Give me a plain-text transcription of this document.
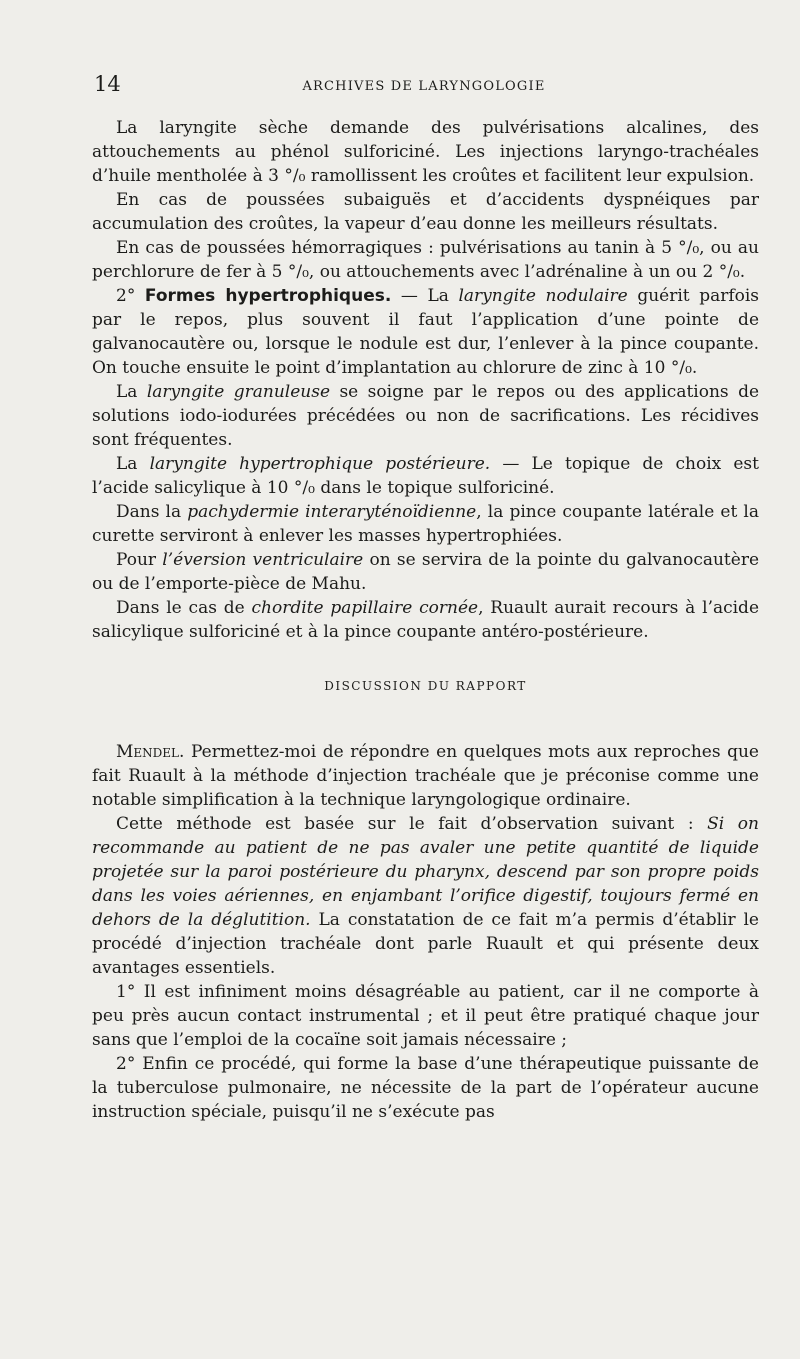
14	ARCHIVES DE LARYNGOLOGIE

La laryngite sèche demande des pulvérisations alcalines, des attouchements au phénol sulforiciné. Les injections laryngo-trachéales d’huile mentholée à 3 °/₀ ramollissent les croûtes et facilitent leur expulsion.

En cas de poussées subaiguës et d’accidents dyspnéiques par accumulation des croûtes, la vapeur d’eau donne les meilleurs résultats.

En cas de poussées hémorragiques : pulvérisations au tanin à 5 °/₀, ou au perchlorure de fer à 5 °/₀, ou attouchements avec l’adrénaline à un ou 2 °/₀.

2° Formes hypertrophiques. — La laryngite nodulaire guérit parfois par le repos, plus souvent il faut l’application d’une pointe de galvanocautère ou, lorsque le nodule est dur, l’enlever à la pince coupante. On touche ensuite le point d’implantation au chlorure de zinc à 10 °/₀.

La laryngite granuleuse se soigne par le repos ou des applications de solutions iodo-iodurées précédées ou non de sacrifications. Les récidives sont fréquentes.

La laryngite hypertrophique postérieure. — Le topique de choix est l’acide salicylique à 10 °/₀ dans le topique sulforiciné.

Dans la pachydermie interaryténoïdienne, la pince coupante latérale et la curette serviront à enlever les masses hypertrophiées.

Pour l’éversion ventriculaire on se servira de la pointe du galvanocautère ou de l’emporte-pièce de Mahu.

Dans le cas de chordite papillaire cornée, Ruault aurait recours à l’acide salicylique sulforiciné et à la pince coupante antéro-postérieure.

DISCUSSION DU RAPPORT

Mendel. Permettez-moi de répondre en quelques mots aux reproches que fait Ruault à la méthode d’injection trachéale que je préconise comme une notable simplification à la technique laryngologique ordinaire.

Cette méthode est basée sur le fait d’observation suivant : Si on recommande au patient de ne pas avaler une petite quantité de liquide projetée sur la paroi postérieure du pharynx, descend par son propre poids dans les voies aériennes, en enjambant l’orifice digestif, toujours fermé en dehors de la déglutition. La constatation de ce fait m’a permis d’établir le procédé d’injection trachéale dont parle Ruault et qui présente deux avantages essentiels.

1° Il est infiniment moins désagréable au patient, car il ne comporte à peu près aucun contact instrumental ; et il peut être pratiqué chaque jour sans que l’emploi de la cocaïne soit jamais nécessaire ;

2° Enfin ce procédé, qui forme la base d’une thérapeutique puissante de la tuberculose pulmonaire, ne nécessite de la part de l’opérateur aucune instruction spéciale, puisqu’il ne s’exécute pas
